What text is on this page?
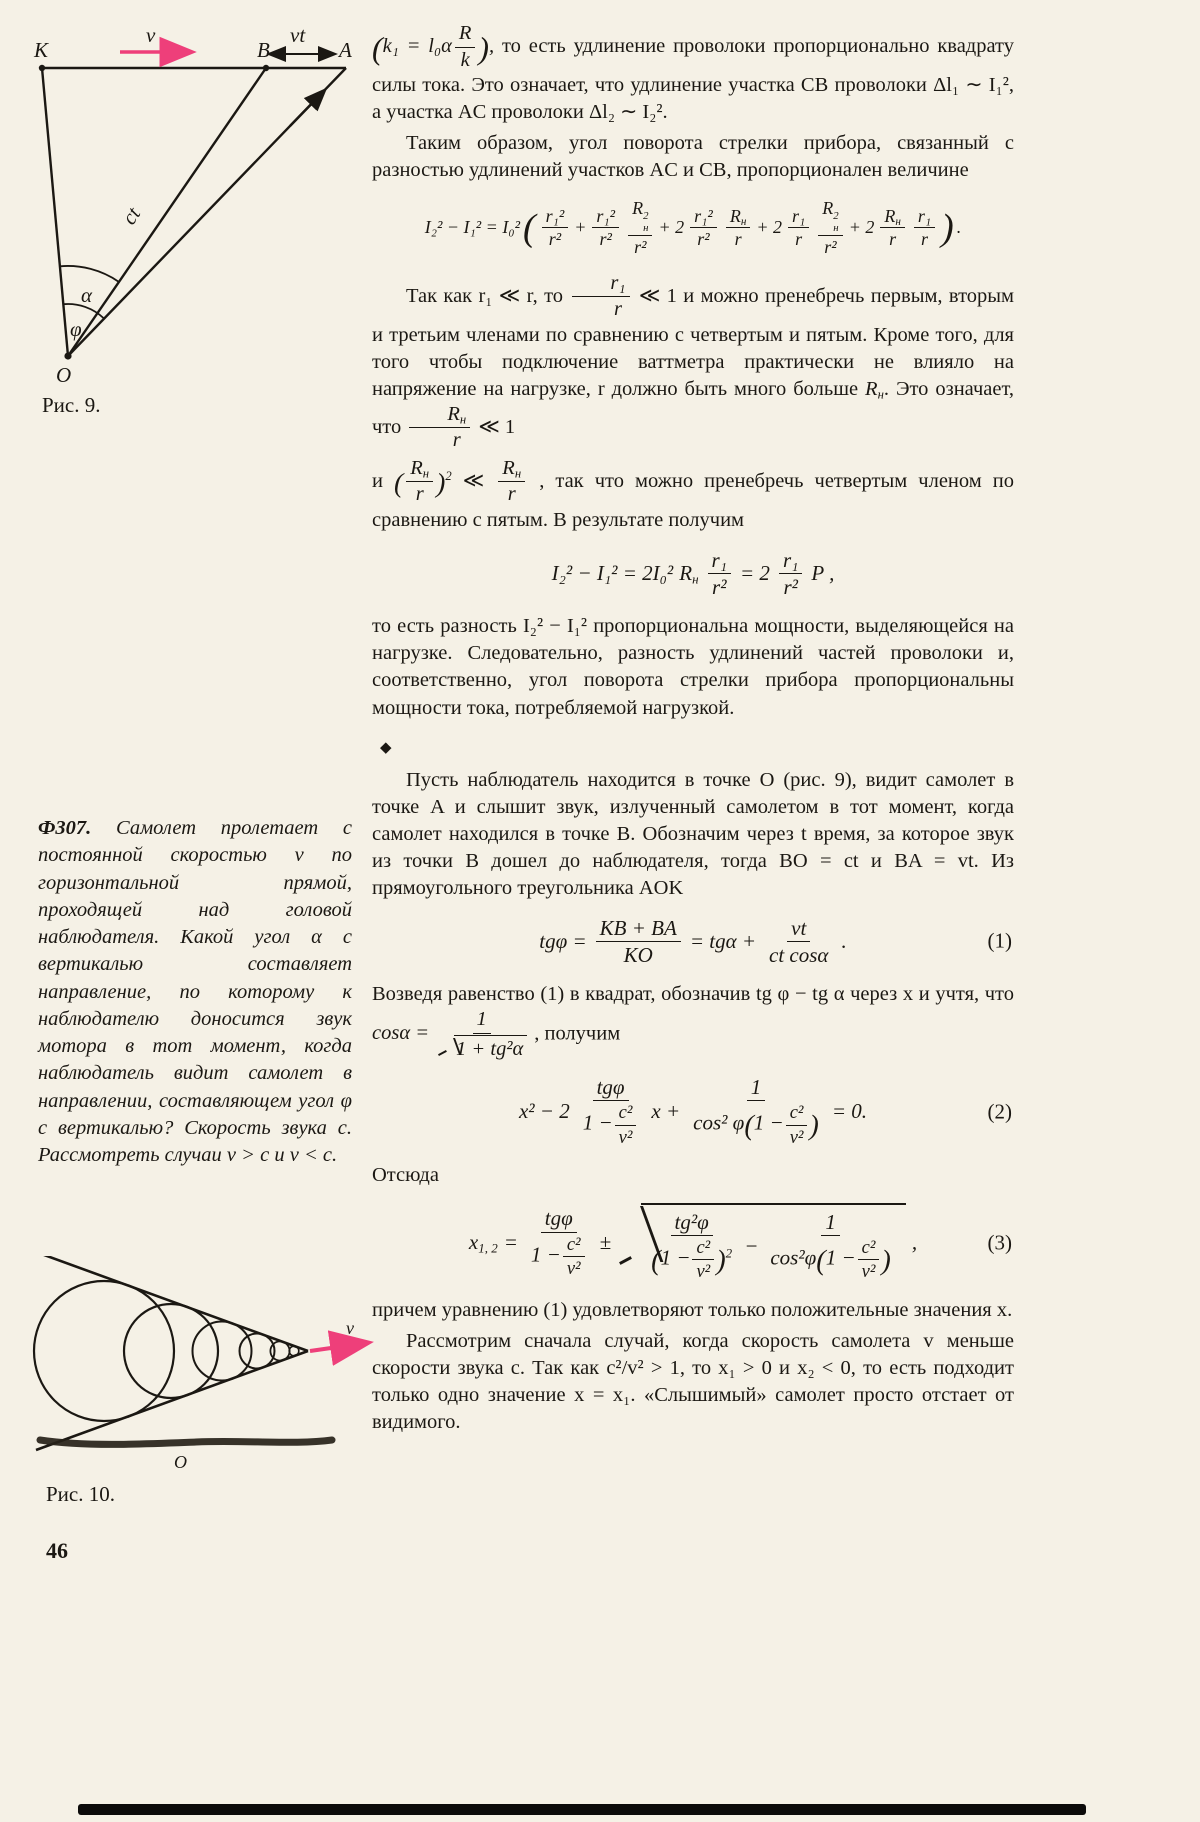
v	vt
K	B	A
ct
α
φ
O
Рис. 9.

Ф307. Самолет пролетает с постоянной скоростью v по горизонтальной прямой, проходящей над головой наблюдателя. Какой угол α с вертикалью составляет направление, по которому к наблюдателю доносится звук мотора в тот момент, когда наблюдатель видит самолет в направлении, составляющем угол φ с вертикалью? Скорость звука c. Рассмотреть случаи v > c и v < c.

v
O
Рис. 10.
46

($k_1 = l_0\alpha \frac{R}{k}$ ), то есть удлинение проволоки пропорционально квадрату силы тока. Это означает, что удлинение участка CB проволоки Δl₁ ∼ I₁², а участка AC проволоки Δl₂ ∼ I₂².

Таким образом, угол поворота стрелки прибора, связанный с разностью удлинений участков AC и CB, пропорционален величине

I₂² − I₁² = I₀² ( $\frac{\text{r₁²}}{\text{r²}} + \frac{\text{r₁²}}{\text{r²}}$ R 2
н
$r^2 + 2 \frac{\text{r₁²}}{\text{r²}} \frac{R_н}{r} + 2 \frac{\text{r₁}}{r}$ R 2
н
$r^2 + 2 \frac{R_н}{r} \frac{\text{r₁}}{r}$ ) .

Так как r₁ ≪ r, то $\frac{\text{r₁}}{r}$ ≪ 1 и можно пренебречь первым, вторым и третьим членами по сравнению с четвертым и пятым. Кроме того, для того чтобы подключение ваттметра практически не влияло на напряжение на нагрузке, r должно быть много больше $R_н$. Это означает, что $\frac{R_н}{r}$ ≪ 1

и ( $\frac{R_н}{r} )^2$ ≪ $\frac{R_н}{r}$ , так что можно пренебречь четвертым членом по сравнению с пятым. В результате получим

I₂² − I₁² = 2I₀² $R_н \frac{\text{r₁}}{\text{r²}} = 2 \frac{\text{r₁}}{\text{r²}}$ P ,

то есть разность I₂² − I₁² пропорциональна мощности, выделяющейся на нагрузке. Следовательно, разность удлинений частей проволоки и, соответственно, угол поворота стрелки прибора пропорциональны мощности тока, потребляемой нагрузкой.

◆

Пусть наблюдатель находится в точке O (рис. 9), видит самолет в точке A и слышит звук, излученный самолетом в тот момент, когда самолет находился в точке B. Обозначим через t время, за которое звук из точки B дошел до наблюдателя, тогда BO = ct и BA = vt. Из прямоугольного треугольника AOK

$tg\varphi = \frac{KB + BA}{KO} = tg\alpha + \frac{vt}{\text{ct cosα}}$ .	(1)

Возведя равенство (1) в квадрат, обозначив tg φ − tg α через x и учтя, что $\cos\alpha = \frac{1}{\text{1 + tg²α}}$ , получим

$x^2 - 2 \frac{\text{tgφ}}{1 - \frac{\text{c²}}{\text{v²}}}$ $x + \frac{1}{\cos^2 \varphi(1 - \frac{\text{c²}}{\text{v²}} )} = 0$.	(2)

Отсюда

$x_{1, 2} = \frac{\text{tgφ}}{1 - \frac{\text{c²}}{\text{v²}}} \pm \frac{\text{tg²φ}}{(1 - \frac{\text{c²}}{\text{v²}} )^2} - \frac{1}{\cos^2\varphi(1 - \frac{\text{c²}}{\text{v²}} )}$ ,	(3)

причем уравнению (1) удовлетворяют только положительные значения x.

Рассмотрим сначала случай, когда скорость самолета v меньше скорости звука c. Так как c²/v² > 1, то x₁ > 0 и x₂ < 0, то есть подходит только одно значение x = x₁. «Слышимый» самолет просто отстает от видимого.
